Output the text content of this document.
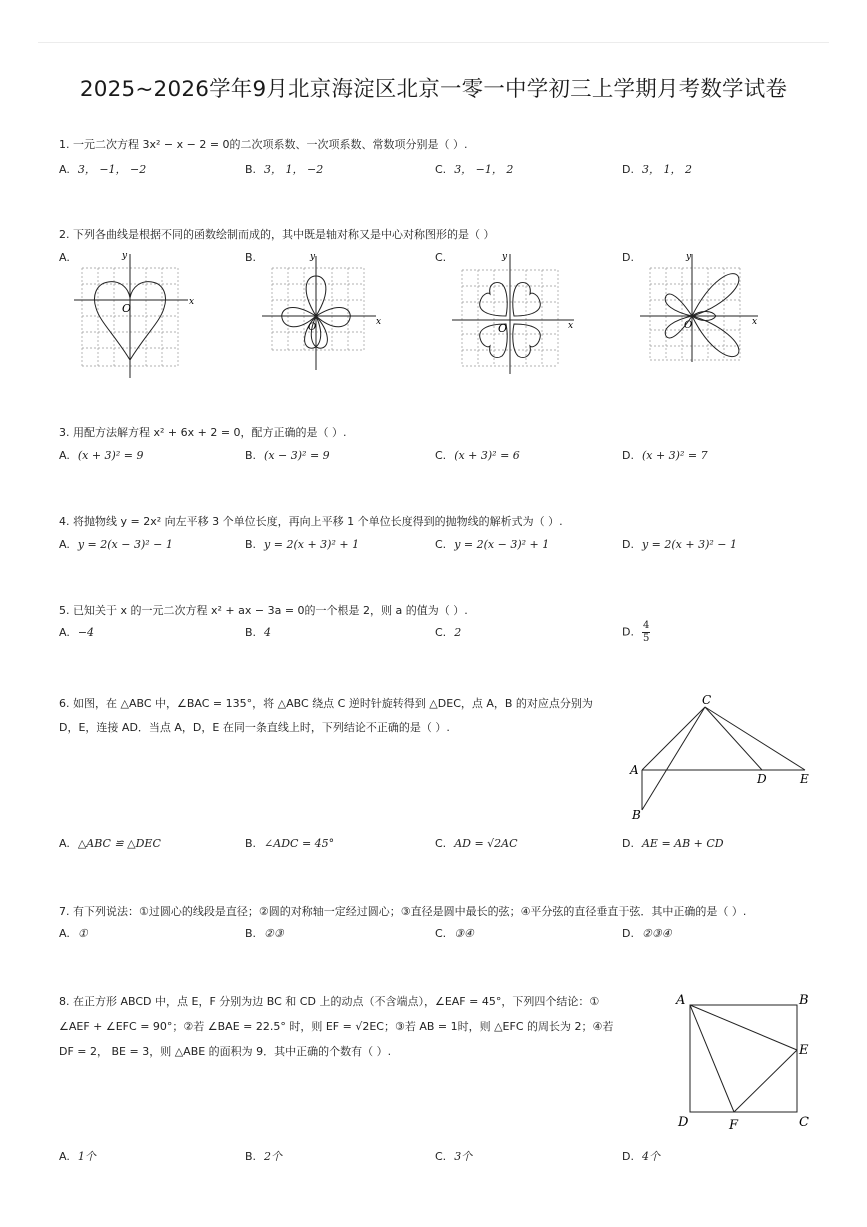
2025~2026学年9月北京海淀区北京一零一中学初三上学期月考数学试卷
1. 一元二次方程 3x² − x − 2 = 0的二次项系数、一次项系数、常数项分别是（ ）.
A. 3， −1， −2	B. 3， 1， −2	C. 3， −1， 2	D. 3， 1， 2
2. 下列各曲线是根据不同的函数绘制而成的，其中既是轴对称又是中心对称图形的是（ ）
A.	B.	C.	D.
O	x
y
O	x
y
O	x
y
O	x
y
3. 用配方法解方程 x² + 6x + 2 = 0，配方正确的是（ ）.
A. (x + 3)² = 9	B. (x − 3)² = 9	C. (x + 3)² = 6	D. (x + 3)² = 7
4. 将抛物线 y = 2x² 向左平移 3 个单位长度，再向上平移 1 个单位长度得到的抛物线的解析式为（ ）.
A. y = 2(x − 3)² − 1	B. y = 2(x + 3)² + 1	C. y = 2(x − 3)² + 1	D. y = 2(x + 3)² − 1
5. 已知关于 x 的一元二次方程 x² + ax − 3a = 0的一个根是 2，则 a 的值为（ ）.
A. −4	B. 4	C. 2	D. $\frac{4}{5}$
6. 如图，在 △ABC 中，∠BAC = 135°，将 △ABC 绕点 C 逆时针旋转得到 △DEC，点 A，B 的对应点分别为
D，E，连接 AD．当点 A，D，E 在同一条直线上时，下列结论不正确的是（ ）.
C
A
B
D	E
A. △ABC ≌ △DEC	B. ∠ADC = 45°	C. AD = √2AC	D. AE = AB + CD
7. 有下列说法：①过圆心的线段是直径；②圆的对称轴一定经过圆心；③直径是圆中最长的弦；④平分弦的直径垂直于弦．其中正确的是（ ）.
A. ①	B. ②③	C. ③④	D. ②③④
8. 在正方形 ABCD 中，点 E，F 分别为边 BC 和 CD 上的动点（不含端点），∠EAF = 45°，下列四个结论：①
∠AEF + ∠EFC = 90°；②若 ∠BAE = 22.5° 时，则 EF = √2EC；③若 AB = 1时，则 △EFC 的周长为 2；④若
DF = 2， BE = 3，则 △ABE 的面积为 9．其中正确的个数有（ ）.
A	B
E
D	F	C
A. 1个	B. 2个	C. 3个	D. 4个
